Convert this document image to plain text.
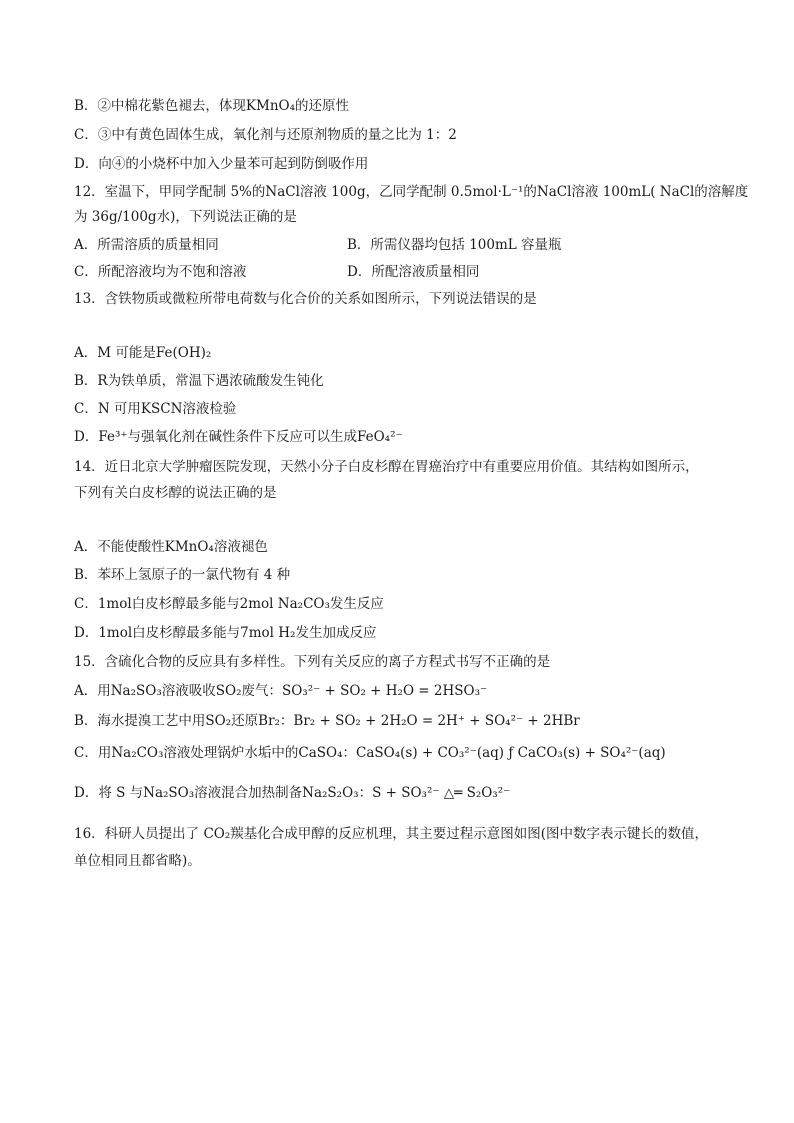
B．②中棉花紫色褪去，体现KMnO₄的还原性
C．③中有黄色固体生成，氧化剂与还原剂物质的量之比为 1：2
D．向④的小烧杯中加入少量苯可起到防倒吸作用
12．室温下，甲同学配制 5%的NaCl溶液 100g，乙同学配制 0.5mol·L⁻¹的NaCl溶液 100mL( NaCl的溶解度
为 36g/100g水)，下列说法正确的是
A．所需溶质的质量相同	B．所需仪器均包括 100mL 容量瓶
C．所配溶液均为不饱和溶液	D．所配溶液质量相同
13．含铁物质或微粒所带电荷数与化合价的关系如图所示，下列说法错误的是
A．M 可能是Fe(OH)₂
B．R为铁单质，常温下遇浓硫酸发生钝化
C．N 可用KSCN溶液检验
D．Fe³⁺与强氧化剂在碱性条件下反应可以生成FeO₄²⁻
14．近日北京大学肿瘤医院发现，天然小分子白皮杉醇在胃癌治疗中有重要应用价值。其结构如图所示，
下列有关白皮杉醇的说法正确的是
A．不能使酸性KMnO₄溶液褪色
B．苯环上氢原子的一氯代物有 4 种
C．1mol白皮杉醇最多能与2mol Na₂CO₃发生反应
D．1mol白皮杉醇最多能与7mol H₂发生加成反应
15．含硫化合物的反应具有多样性。下列有关反应的离子方程式书写不正确的是
A．用Na₂SO₃溶液吸收SO₂废气：SO₃²⁻ + SO₂ + H₂O = 2HSO₃⁻
B．海水提溴工艺中用SO₂还原Br₂：Br₂ + SO₂ + 2H₂O = 2H⁺ + SO₄²⁻ + 2HBr
C．用Na₂CO₃溶液处理锅炉水垢中的CaSO₄：CaSO₄(s) + CO₃²⁻(aq) ƒ CaCO₃(s) + SO₄²⁻(aq)
D．将 S 与Na₂SO₃溶液混合加热制备Na₂S₂O₃：S + SO₃²⁻ △═ S₂O₃²⁻
16．科研人员提出了 CO₂羰基化合成甲醇的反应机理，其主要过程示意图如图(图中数字表示键长的数值，
单位相同且都省略)。
